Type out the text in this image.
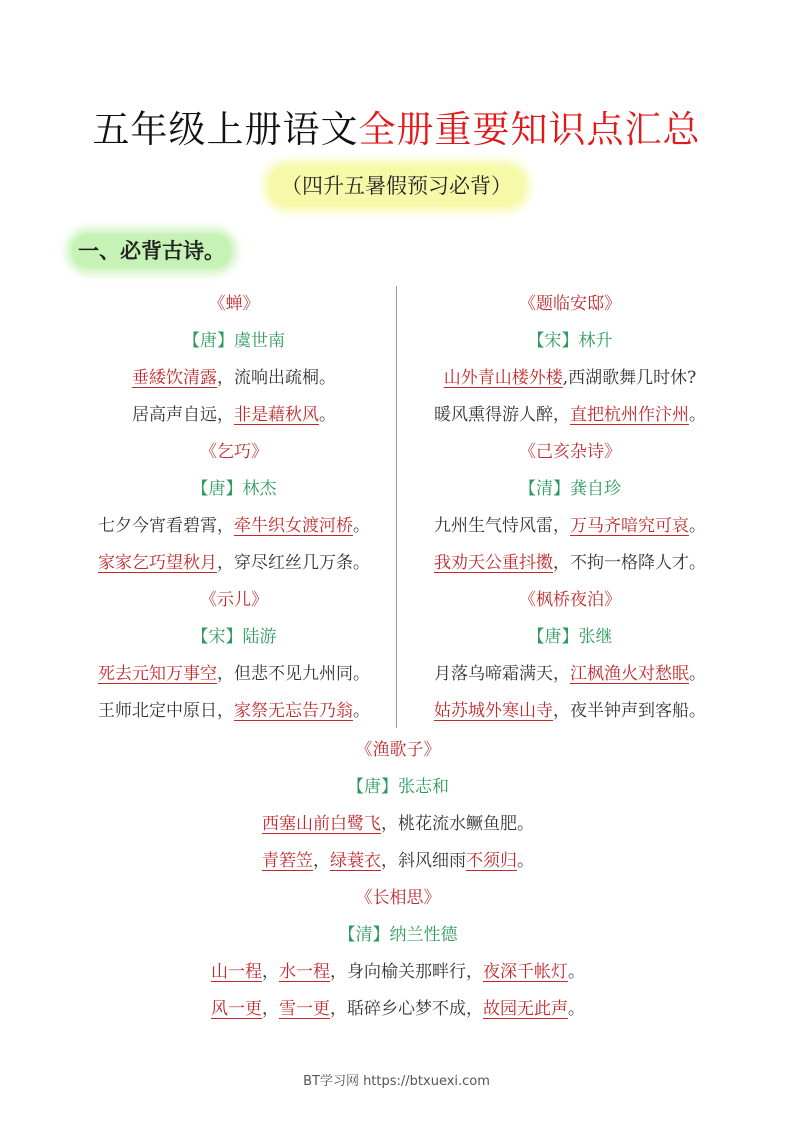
五年级上册语文全册重要知识点汇总
（四升五暑假预习必背）
一、必背古诗。
《蝉》
【唐】虞世南
垂緌饮清露，流响出疏桐。
居高声自远，非是藉秋风。
《乞巧》
【唐】林杰
七夕今宵看碧霄，牵牛织女渡河桥。
家家乞巧望秋月，穿尽红丝几万条。
《示儿》
【宋】陆游
死去元知万事空，但悲不见九州同。
王师北定中原日，家祭无忘告乃翁。
《题临安邸》
【宋】林升
山外青山楼外楼,西湖歌舞几时休?
暖风熏得游人醉，直把杭州作汴州。
《己亥杂诗》
【清】龚自珍
九州生气恃风雷，万马齐喑究可哀。
我劝天公重抖擞，不拘一格降人才。
《枫桥夜泊》
【唐】张继
月落乌啼霜满天，江枫渔火对愁眠。
姑苏城外寒山寺，夜半钟声到客船。
《渔歌子》
【唐】张志和
西塞山前白鹭飞，桃花流水鳜鱼肥。
青箬笠，绿蓑衣，斜风细雨不须归。
《长相思》
【清】纳兰性德
山一程，水一程，身向榆关那畔行，夜深千帐灯。
风一更，雪一更，聒碎乡心梦不成，故园无此声。
BT学习网 https://btxuexi.com
